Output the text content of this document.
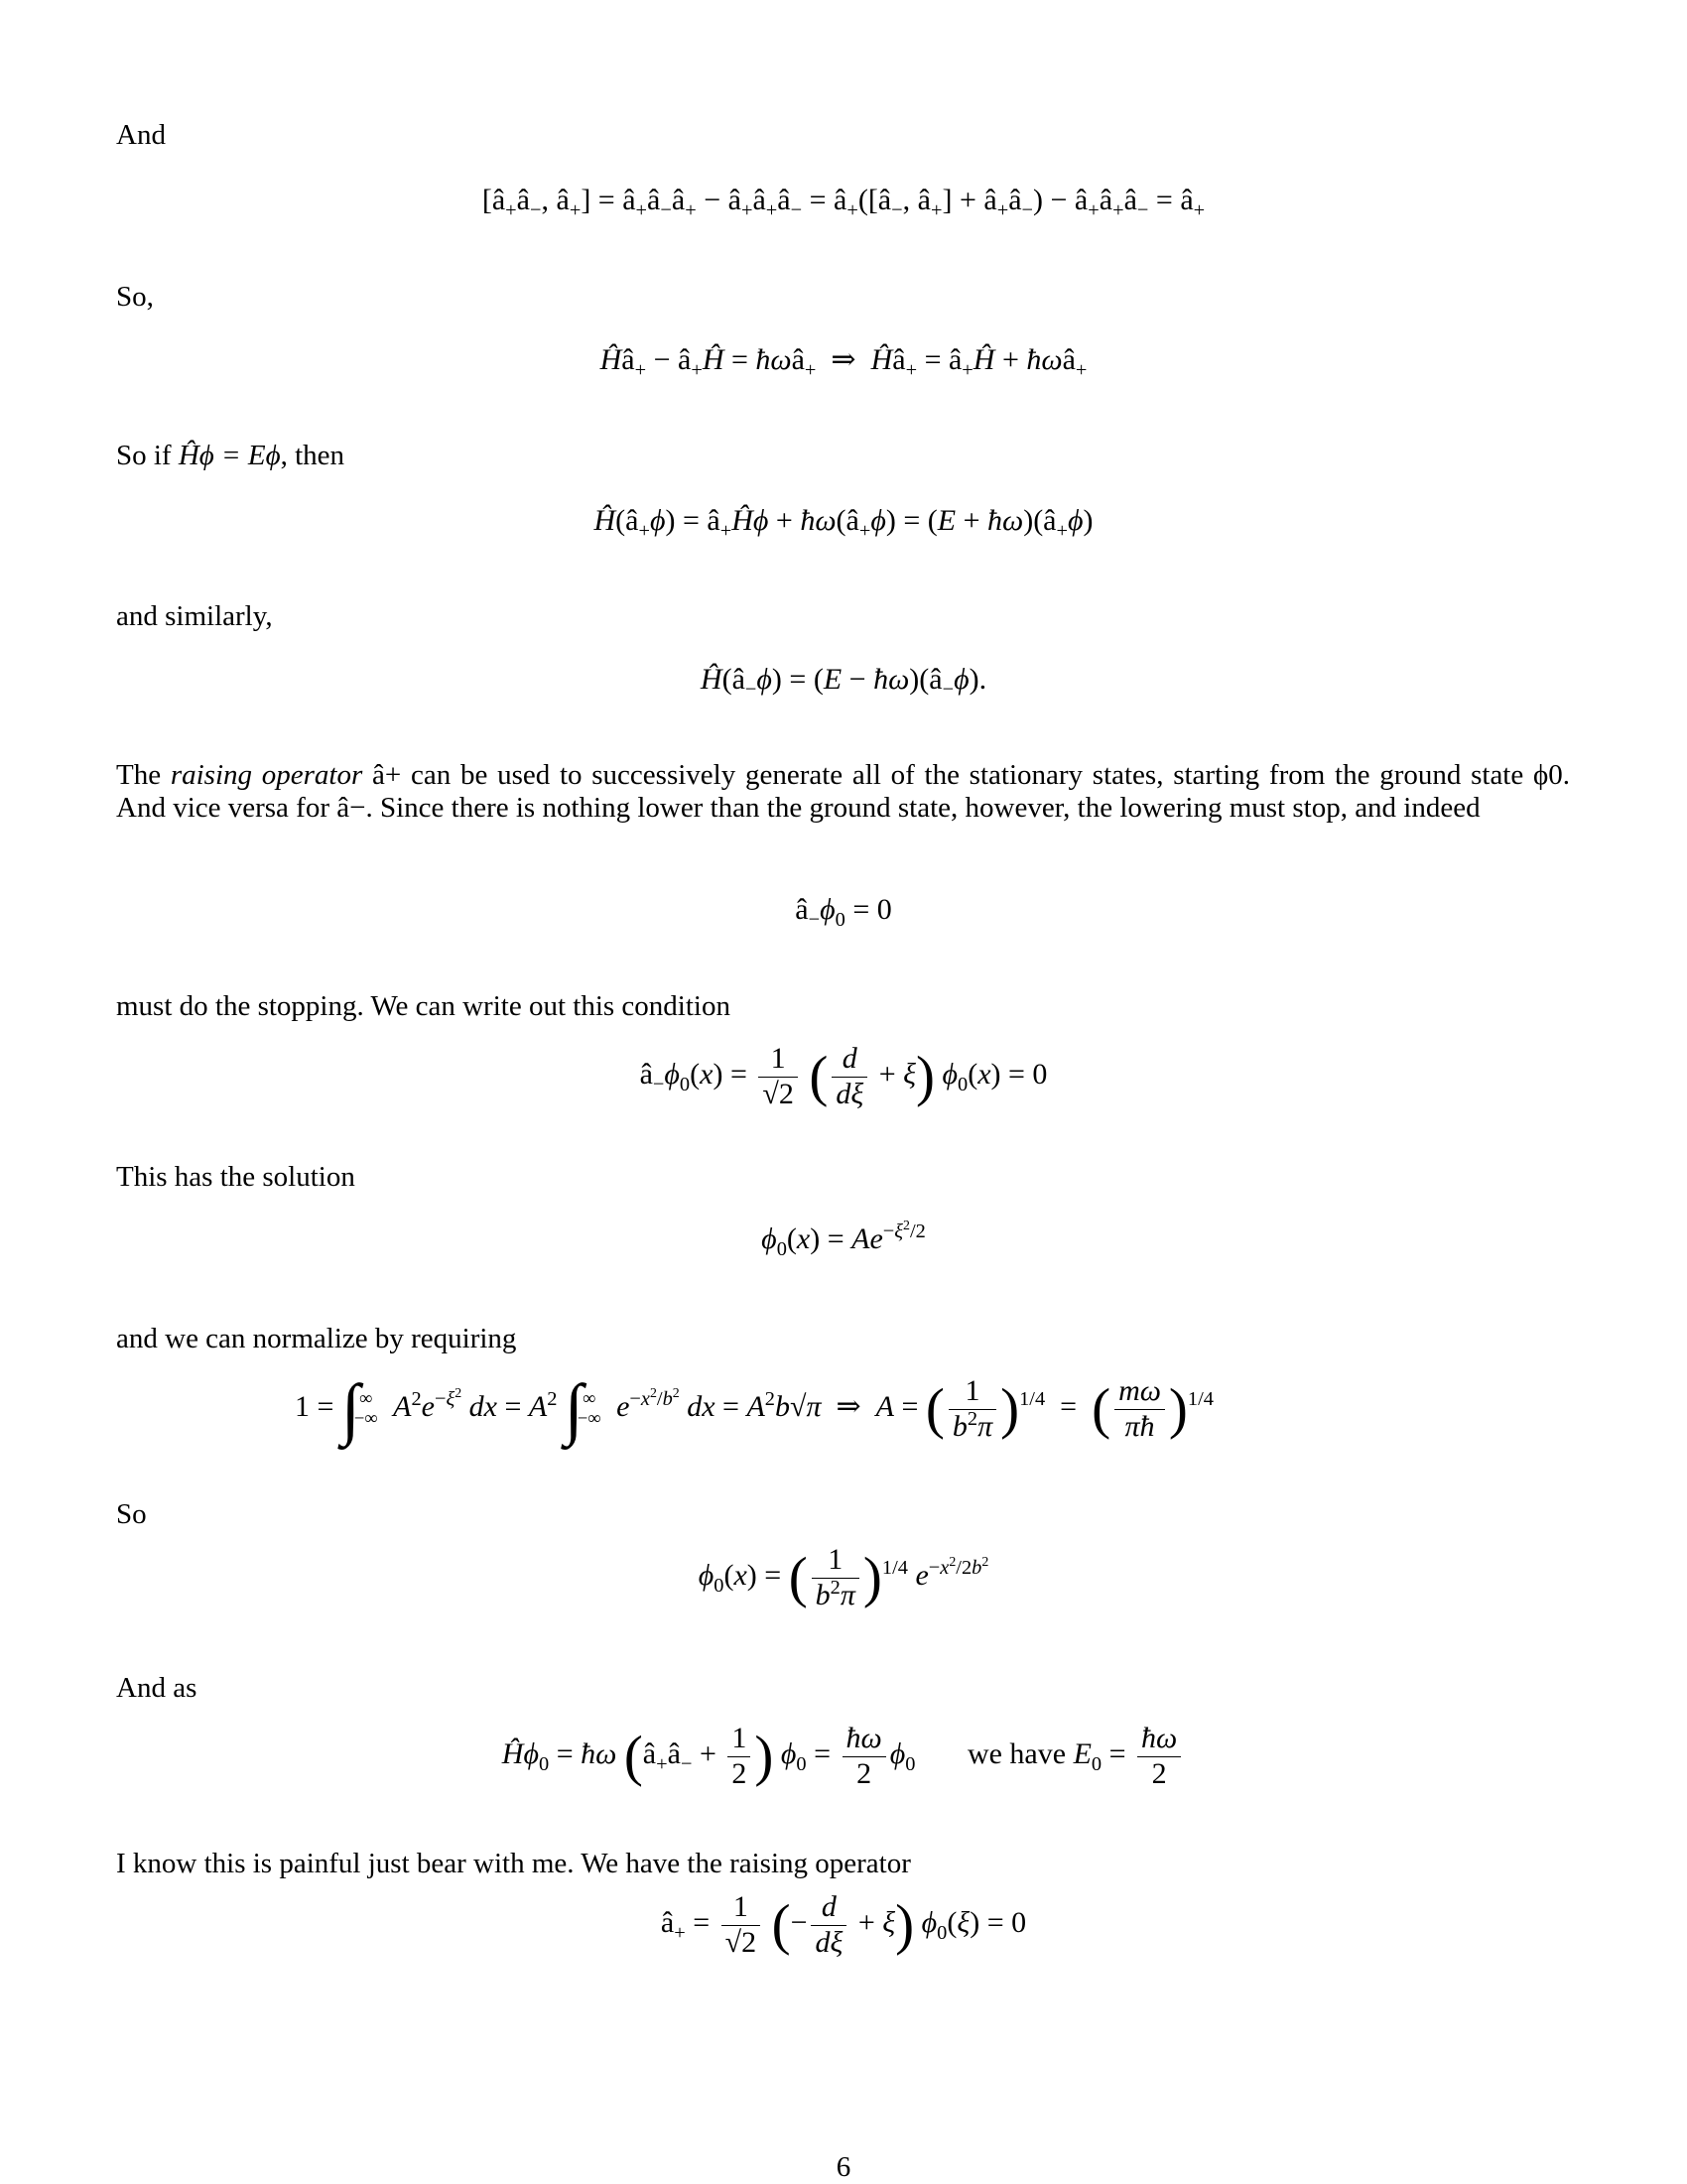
And
[$â_+â_-$, $â_+$] = $â_+â_-â_+$ − $â_+â_+â_-$ = $â_+([â_-$, $â_+$] + $â_+â_-$) − $â_+â_+â_-$ = $â_+$
So,
$Ĥâ_+$ − $â_+Ĥ$ = ħωâ$_+$  ⇒  $Ĥâ_+$ = $â_+Ĥ$ + ħωâ$_+$
So if Ĥϕ = Eϕ, then
$Ĥ(â_+\phi)$ = $â_+Ĥ\phi$ + $ħ\omega(â_+\phi) = (E$ + $ħ\omega)(â_+\phi)$
and similarly,
$Ĥ(â_-\phi) = (E$ − $ħ\omega)(â_-\phi)$.
The raising operator â+ can be used to successively generate all of the stationary states, starting from the ground state ϕ0. And vice versa for â−. Since there is nothing lower than the ground state, however, the lowering must stop, and indeed
$â_-\phi_0 = 0$
must do the stopping. We can write out this condition
$â_-\phi_0(x) = \frac{1}{√2}$ ( $\frac{d}{d\xi} + \xi$) $\phi_0(x) = 0$
This has the solution
$\phi_0(x) = Ae^{-\xi^2/2}$
and we can normalize by requiring
1 = ∫ ∞
−∞ $A^2e^{-\xi^2}$ dx = $A^2$ ∫ ∞
−∞ $e^{-x^2/b^2}$ dx = $A^2b√\pi$  ⇒  A = ( $\frac{1}{b^2\pi} )^{1/4}$  =  ( $\frac{m\omega}{\pi ħ} )^{1/4}$
So
$\phi_0(x)$ = ( $\frac{1}{b^2\pi} )^{1/4}$ $e^{-x^2/2b^2}$
And as
$Ĥ\phi_0$ = ħω ($â_+â_- + \frac{1}{2}$ ) $\phi_0 = \frac{ħ\omega}{2} \phi_0$ we have $E_0 = \frac{ħ\omega}{2}$
I know this is painful just bear with me. We have the raising operator
$â_+ = \frac{1}{√2}$ (− $\frac{d}{d\xi} + \xi$) $\phi_0(\xi) = 0$
6
